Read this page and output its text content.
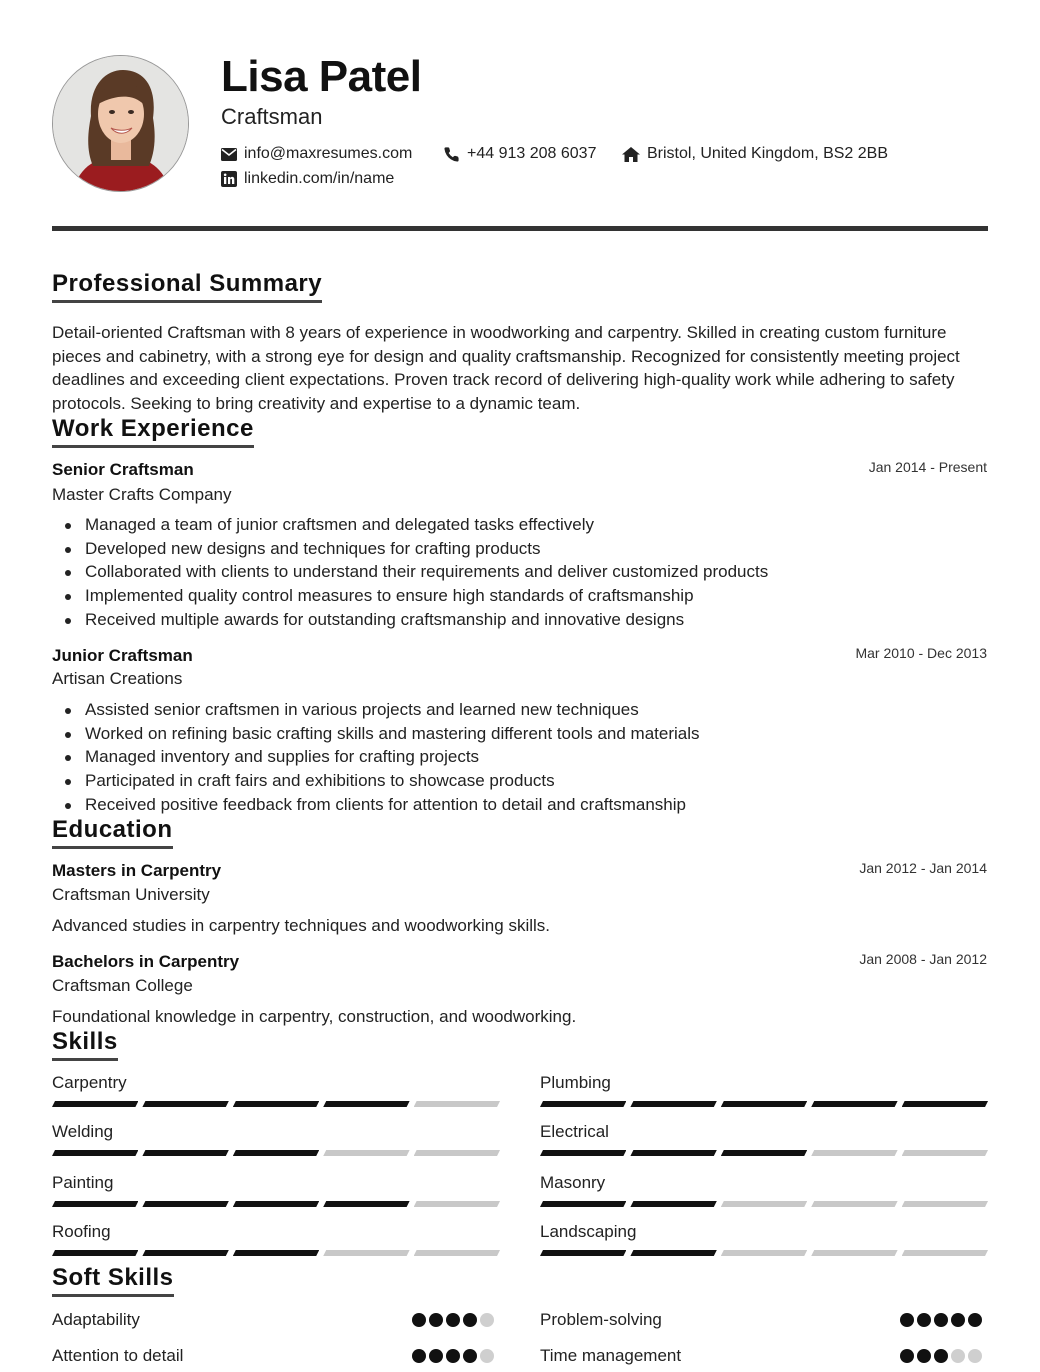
Lisa Patel
Craftsman
info@maxresumes.com	+44 913 208 6037	Bristol, United Kingdom, BS2 2BB
linkedin.com/in/name
Professional Summary
Detail-oriented Craftsman with 8 years of experience in woodworking and carpentry. Skilled in creating custom furniture pieces and cabinetry, with a strong eye for design and quality craftsmanship. Recognized for consistently meeting project deadlines and exceeding client expectations. Proven track record of delivering high-quality work while adhering to safety protocols. Seeking to bring creativity and expertise to a dynamic team.
Work Experience
Senior Craftsman	Jan 2014 - Present
Master Crafts Company
Managed a team of junior craftsmen and delegated tasks effectively
Developed new designs and techniques for crafting products
Collaborated with clients to understand their requirements and deliver customized products
Implemented quality control measures to ensure high standards of craftsmanship
Received multiple awards for outstanding craftsmanship and innovative designs
Junior Craftsman	Mar 2010 - Dec 2013
Artisan Creations
Assisted senior craftsmen in various projects and learned new techniques
Worked on refining basic crafting skills and mastering different tools and materials
Managed inventory and supplies for crafting projects
Participated in craft fairs and exhibitions to showcase products
Received positive feedback from clients for attention to detail and craftsmanship
Education
Masters in Carpentry	Jan 2012 - Jan 2014
Craftsman University
Advanced studies in carpentry techniques and woodworking skills.
Bachelors in Carpentry	Jan 2008 - Jan 2012
Craftsman College
Foundational knowledge in carpentry, construction, and woodworking.
Skills
Carpentry	Plumbing
Welding	Electrical
Painting	Masonry
Roofing	Landscaping
Soft Skills
Adaptability	Problem-solving
Attention to detail	Time management
